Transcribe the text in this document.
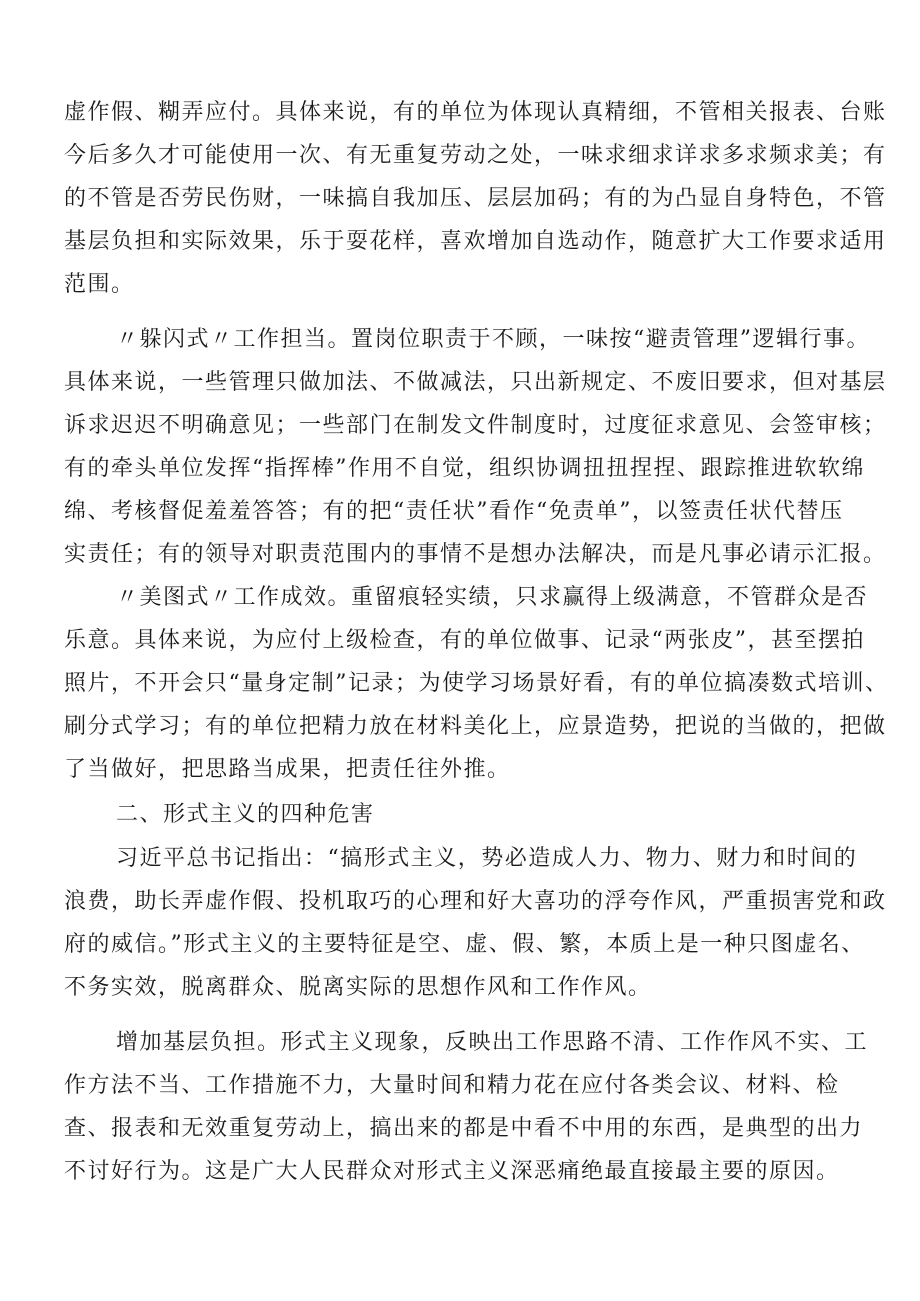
虚作假、糊弄应付。具体来说，有的单位为体现认真精细，不管相关报表、台账
今后多久才可能使用一次、有无重复劳动之处，一味求细求详求多求频求美；有
的不管是否劳民伤财，一味搞自我加压、层层加码；有的为凸显自身特色，不管
基层负担和实际效果，乐于耍花样，喜欢增加自选动作，随意扩大工作要求适用
范围。
〃躲闪式〃工作担当。置岗位职责于不顾，一味按“避责管理”逻辑行事。
具体来说，一些管理只做加法、不做减法，只出新规定、不废旧要求，但对基层
诉求迟迟不明确意见；一些部门在制发文件制度时，过度征求意见、会签审核；
有的牵头单位发挥“指挥棒”作用不自觉，组织协调扭扭捏捏、跟踪推进软软绵
绵、考核督促羞羞答答；有的把“责任状”看作“免责单”，以签责任状代替压
实责任；有的领导对职责范围内的事情不是想办法解决，而是凡事必请示汇报。
〃美图式〃工作成效。重留痕轻实绩，只求赢得上级满意，不管群众是否
乐意。具体来说，为应付上级检查，有的单位做事、记录“两张皮”，甚至摆拍
照片，不开会只“量身定制”记录；为使学习场景好看，有的单位搞凑数式培训、
刷分式学习；有的单位把精力放在材料美化上，应景造势，把说的当做的，把做
了当做好，把思路当成果，把责任往外推。
二、形式主义的四种危害
习近平总书记指出：“搞形式主义，势必造成人力、物力、财力和时间的
浪费，助长弄虚作假、投机取巧的心理和好大喜功的浮夸作风，严重损害党和政
府的威信。”形式主义的主要特征是空、虚、假、繁，本质上是一种只图虚名、
不务实效，脱离群众、脱离实际的思想作风和工作作风。
增加基层负担。形式主义现象，反映出工作思路不清、工作作风不实、工
作方法不当、工作措施不力，大量时间和精力花在应付各类会议、材料、检
查、报表和无效重复劳动上，搞出来的都是中看不中用的东西，是典型的出力
不讨好行为。这是广大人民群众对形式主义深恶痛绝最直接最主要的原因。
